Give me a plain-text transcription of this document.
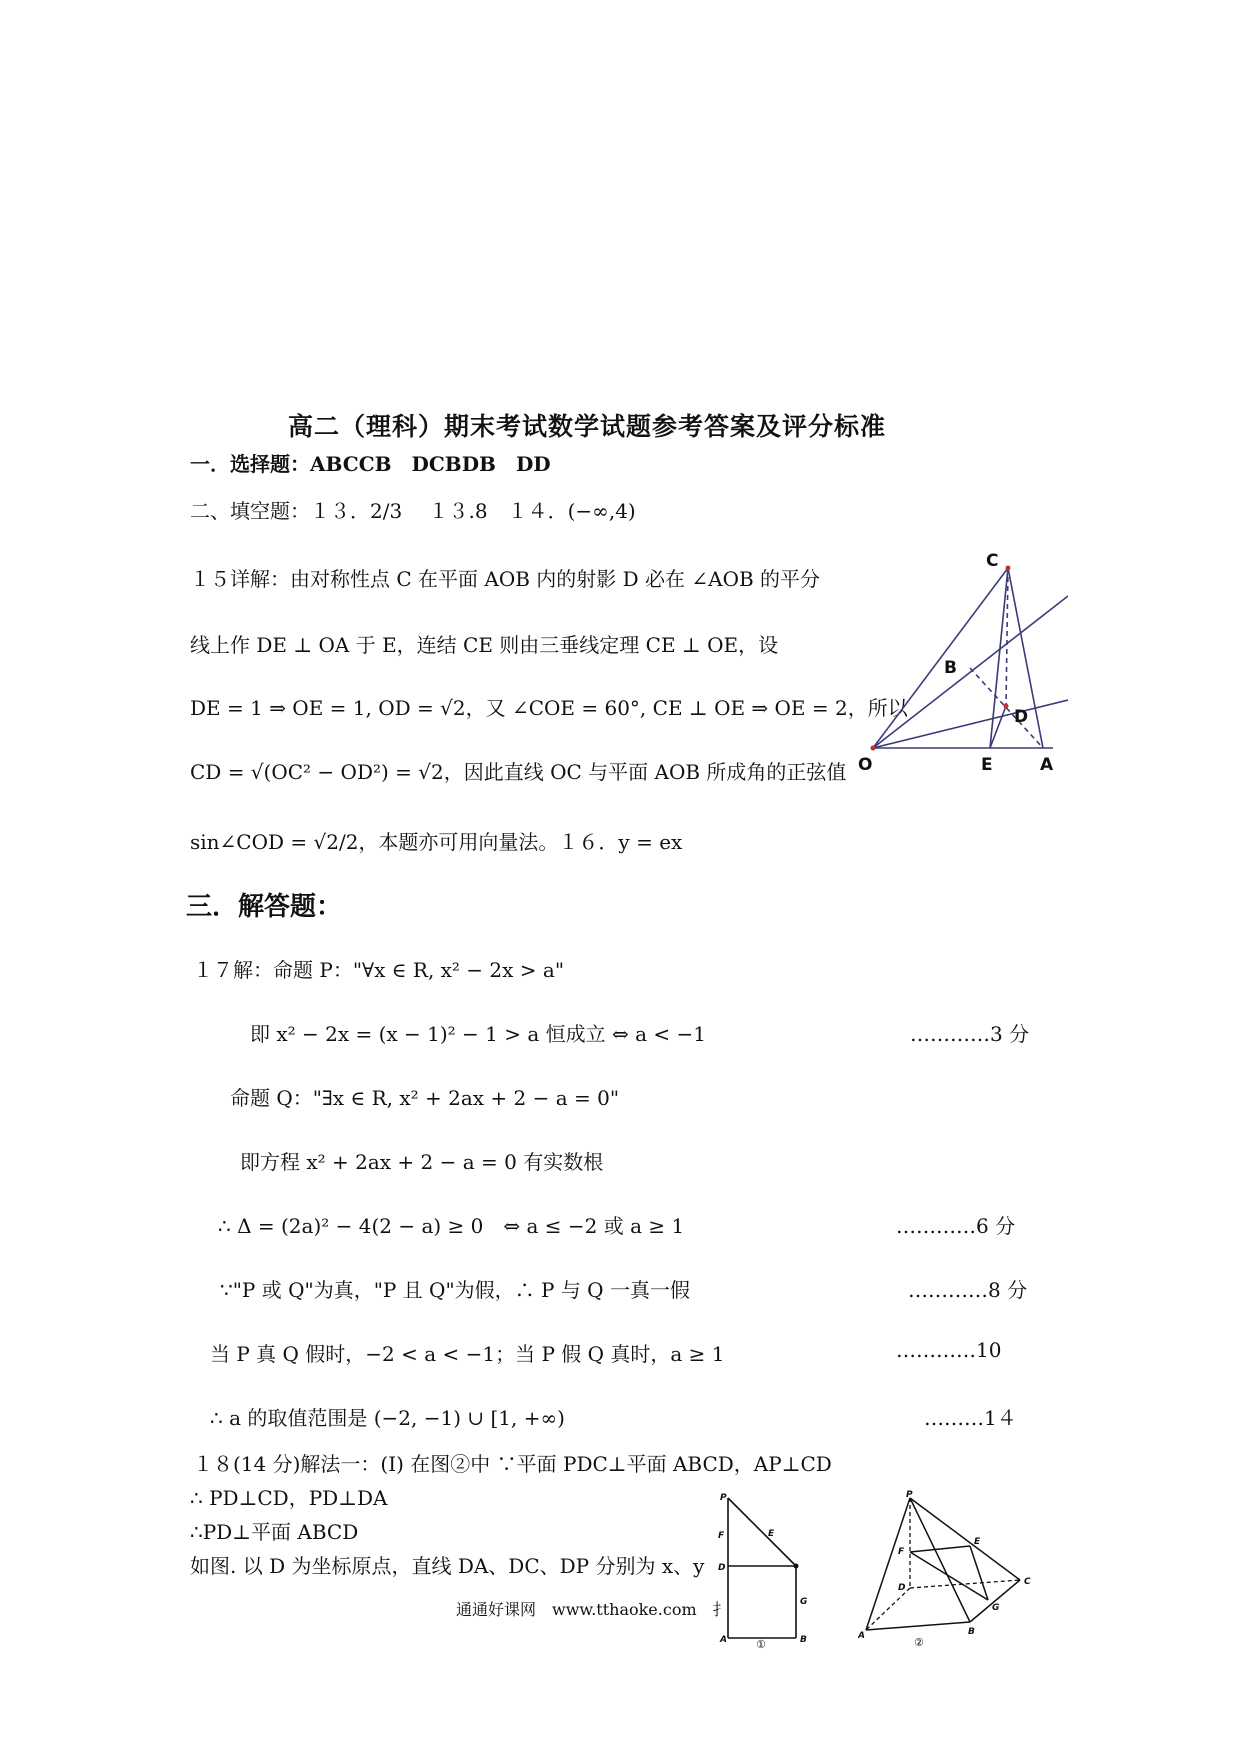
高二（理科）期末考试数学试题参考答案及评分标准
一．选择题：ABCCB　DCBDB　DD
二、填空题：１３．2/3　 １３.8　１４．(−∞,4)
１５详解：由对称性点 C 在平面 AOB 内的射影 D 必在 ∠AOB 的平分
线上作 DE ⊥ OA 于 E，连结 CE 则由三垂线定理 CE ⊥ OE，设
DE = 1 ⇒ OE = 1, OD = √2，又 ∠COE = 60°, CE ⊥ OE ⇒ OE = 2，所以
CD = √(OC² − OD²) = √2，因此直线 OC 与平面 AOB 所成角的正弦值
sin∠COD = √2/2，本题亦可用向量法。１６．y = ex
C
B
D
O	E	A
三．解答题：
１７解：命题 P："∀x ∈ R, x² − 2x > a"
即 x² − 2x = (x − 1)² − 1 > a 恒成立 ⇔ a < −1	…………3 分
命题 Q："∃x ∈ R, x² + 2ax + 2 − a = 0"
即方程 x² + 2ax + 2 − a = 0 有实数根
∴ Δ = (2a)² − 4(2 − a) ≥ 0　⇔ a ≤ −2 或 a ≥ 1	…………6 分
∵"P 或 Q"为真，"P 且 Q"为假，∴ P 与 Q 一真一假	…………8 分
当 P 真 Q 假时，−2 < a < −1；当 P 假 Q 真时，a ≥ 1	…………10
∴ a 的取值范围是 (−2, −1) ∪ [1, +∞)	………1４
１８(14 分)解法一：(I) 在图②中 ∵平面 PDC⊥平面 ABCD，AP⊥CD
∴ PD⊥CD，PD⊥DA
∴PD⊥平面 ABCD
如图. 以 D 为坐标原点，直线 DA、DC、DP 分别为 x、y
P
F	E
D
G
A	B
①
P
F
E
D
C
G
A	B
②
通通好课网　www.tthaoke.com　扌
